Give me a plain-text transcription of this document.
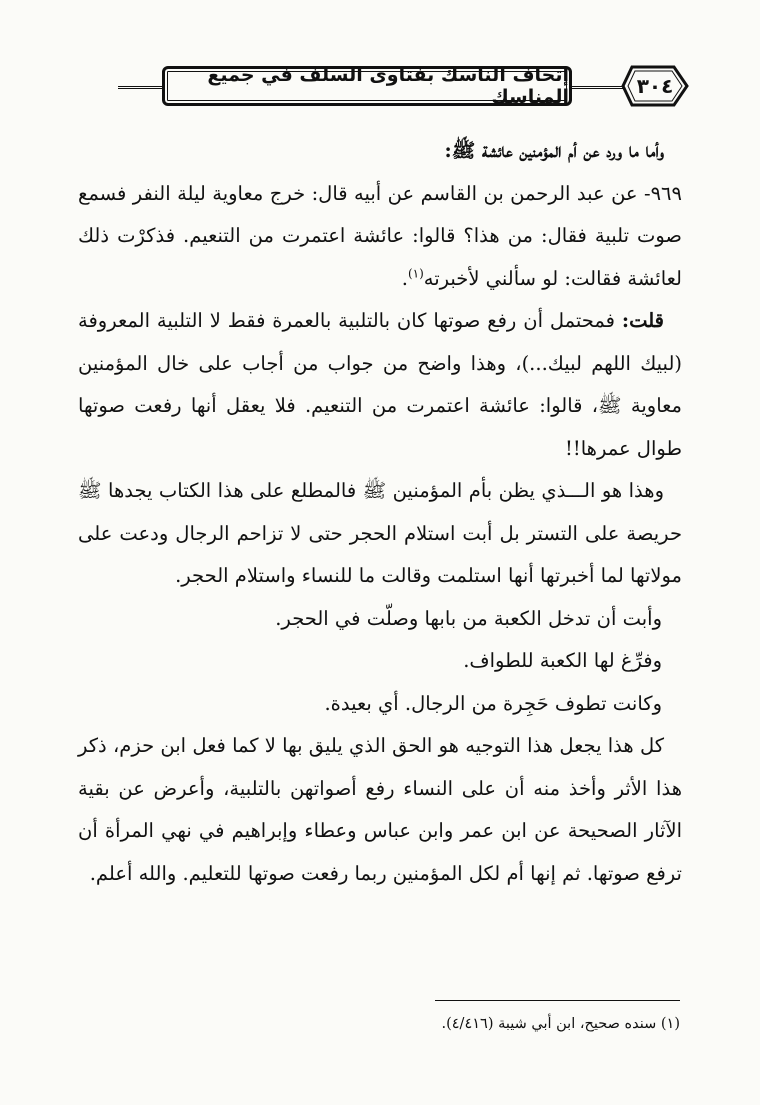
إتحاف الناسك بفتاوى السلف في جميع المناسك	٣٠٤

وأما ما ورد عن أم المؤمنين عائشة ﷺ:

٩٦٩- عن عبد الرحمن بن القاسم عن أبيه قال: خرج معاوية ليلة النفر فسمع صوت تلبية فقال: من هذا؟ قالوا: عائشة اعتمرت من التنعيم. فذكرْت ذلك لعائشة فقالت: لو سألني لأخبرته$^{(١)}$.

قلت: فمحتمل أن رفع صوتها كان بالتلبية بالعمرة فقط لا التلبية المعروفة (لبيك اللهم لبيك...)، وهذا واضح من جواب من أجاب على خال المؤمنين معاوية ﷺ، قالوا: عائشة اعتمرت من التنعيم. فلا يعقل أنها رفعت صوتها طوال عمرها!!

وهذا هو الـــذي يظن بأم المؤمنين ﷺ فالمطلع على هذا الكتاب يجدها ﷺ حريصة على التستر بل أبت استلام الحجر حتى لا تزاحم الرجال ودعت على مولاتها لما أخبرتها أنها استلمت وقالت ما للنساء واستلام الحجر.

وأبت أن تدخل الكعبة من بابها وصلّت في الحجر.

وفرِّغ لها الكعبة للطواف.

وكانت تطوف حَجِرة من الرجال. أي بعيدة.

كل هذا يجعل هذا التوجيه هو الحق الذي يليق بها لا كما فعل ابن حزم، ذكر هذا الأثر وأخذ منه أن على النساء رفع أصواتهن بالتلبية، وأعرض عن بقية الآثار الصحيحة عن ابن عمر وابن عباس وعطاء وإبراهيم في نهي المرأة أن ترفع صوتها. ثم إنها أم لكل المؤمنين ربما رفعت صوتها للتعليم. والله أعلم.

(١) سنده صحيح، ابن أبي شيبة (٤/٤١٦).
